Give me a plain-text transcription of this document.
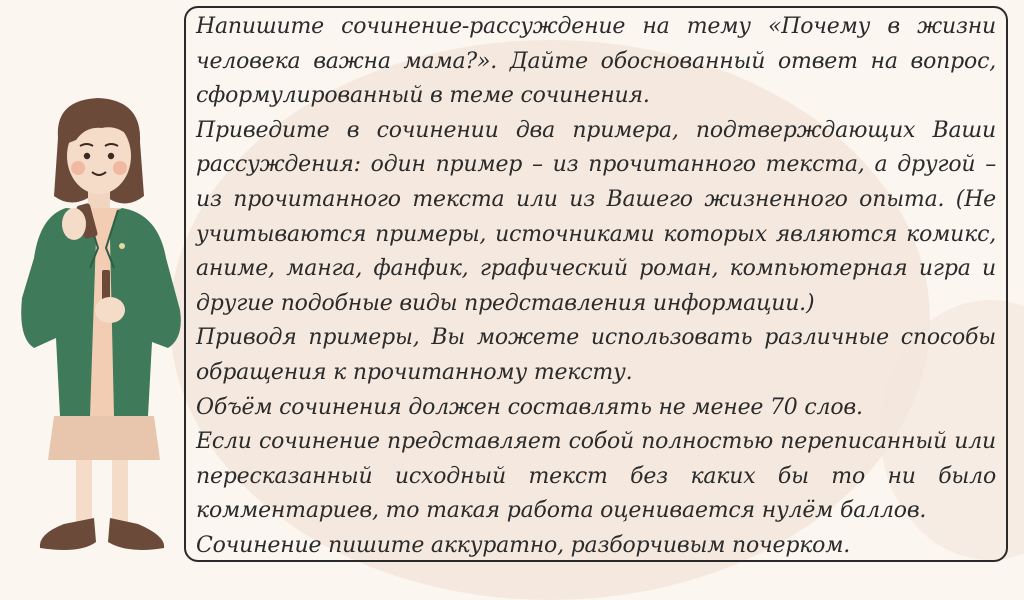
Напишите сочинение-рассуждение на тему «Почему в жизни человека важна мама?». Дайте обоснованный ответ на вопрос, сформулированный в теме сочинения.

Приведите в сочинении два примера, подтверждающих Ваши рассуждения: один пример – из прочитанного текста, а другой – из прочитанного текста или из Вашего жизненного опыта. (Не учитываются примеры, источниками которых являются комикс, аниме, манга, фанфик, графический роман, компьютерная игра и другие подобные виды представления информации.)

Приводя примеры, Вы можете использовать различные способы обращения к прочитанному тексту.

Объём сочинения должен составлять не менее 70 слов.

Если сочинение представляет собой полностью переписанный или пересказанный исходный текст без каких бы то ни было комментариев, то такая работа оценивается нулём баллов.

Сочинение пишите аккуратно, разборчивым почерком.
